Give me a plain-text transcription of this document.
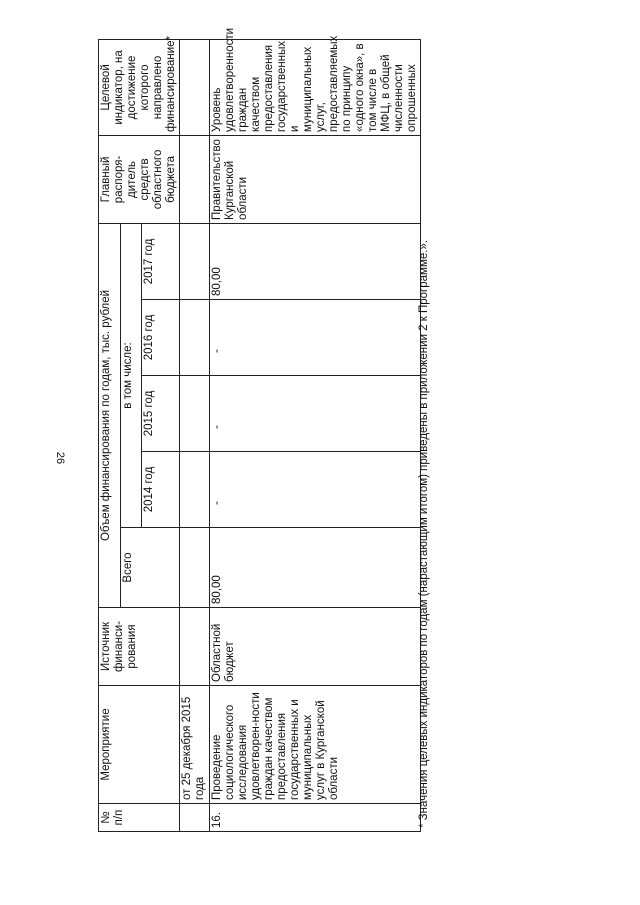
26
№ п/п	Мероприятие	Источник финанси-рования	Объем финансирования по годам, тыс. рублей					Главный распоря-дитель средств областного бюджета	Целевой индикатор, на достижение которого направлено финансирование*
			Всего	в том числе:					
				2014 год	2015 год	2016 год	2017 год		
	от 25 декабря 2015 года								
16.	Проведение социологического исследования удовлетворен-ности граждан качеством предоставления государственных и муниципальных услуг в Курганской области	Областной бюджет	80,00	-	-	-	80,00	Правительство Курганской области	Уровень удовлетворенности граждан качеством предоставления государственных и муниципальных услуг, предоставляемых по принципу «одного окна», в том числе в МФЦ, в общей численности опрошенных
* Значения целевых индикаторов по годам (нарастающим итогом) приведены в приложении 2 к Программе.».
